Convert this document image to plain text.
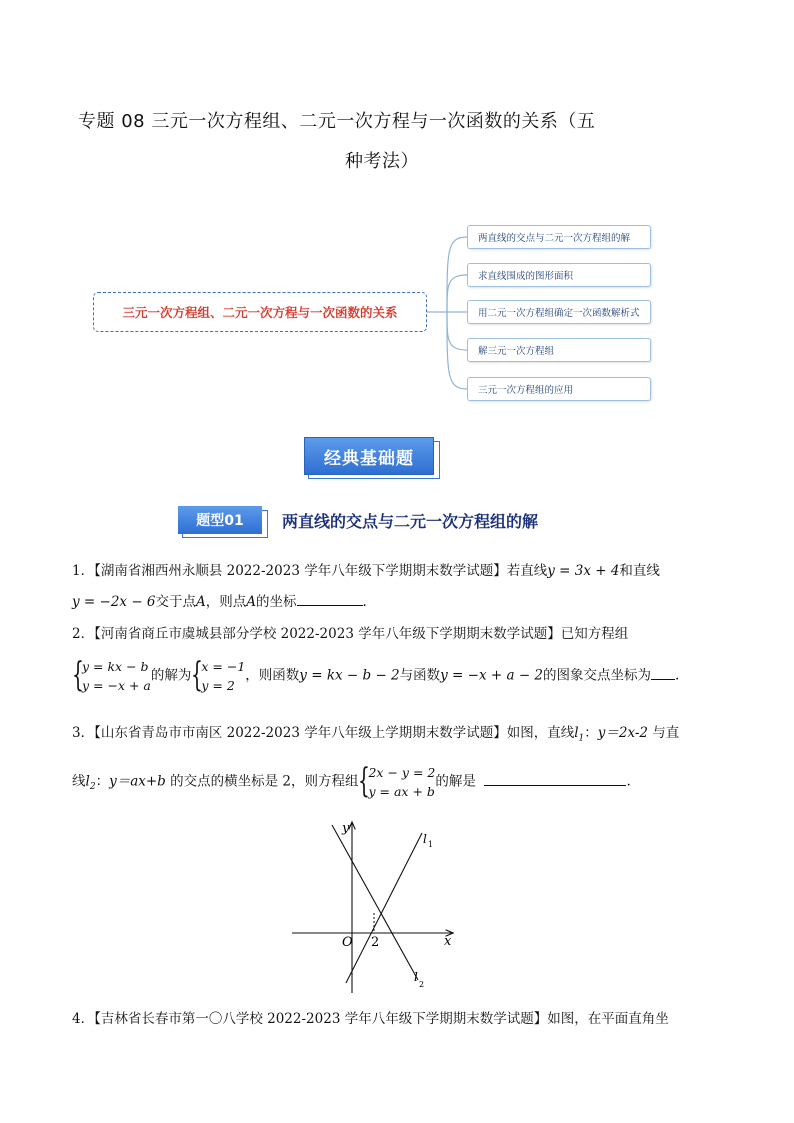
专题 08 三元一次方程组、二元一次方程与一次函数的关系（五
种考法）
三元一次方程组、二元一次方程与一次函数的关系
两直线的交点与二元一次方程组的解
求直线围成的图形面积
用二元一次方程组确定一次函数解析式
解三元一次方程组
三元一次方程组的应用
经典基础题
题型01	两直线的交点与二元一次方程组的解
1．【湖南省湘西州永顺县 2022-2023 学年八年级下学期期末数学试题】若直线y = 3x + 4和直线
y = −2x − 6交于点A，则点A的坐标	.
2．【河南省商丘市虞城县部分学校 2022-2023 学年八年级下学期期末数学试题】已知方程组
{
y = kx − b
y = −x + a
的解为 {
x = −1
y = 2
，则函数y = kx − b − 2与函数y = −x + a − 2的图象交点坐标为 .
3．【山东省青岛市市南区 2022-2023 学年八年级上学期期末数学试题】如图，直线$l_1$：y＝2x-2 与直
线$l_2$：y＝ax+b 的交点的横坐标是 2，则方程组 {
2x − y = 2
y = ax + b
的解是	.
y
x
O 2
l 1
l
2
4．【吉林省长春市第一〇八学校 2022-2023 学年八年级下学期期末数学试题】如图，在平面直角坐
